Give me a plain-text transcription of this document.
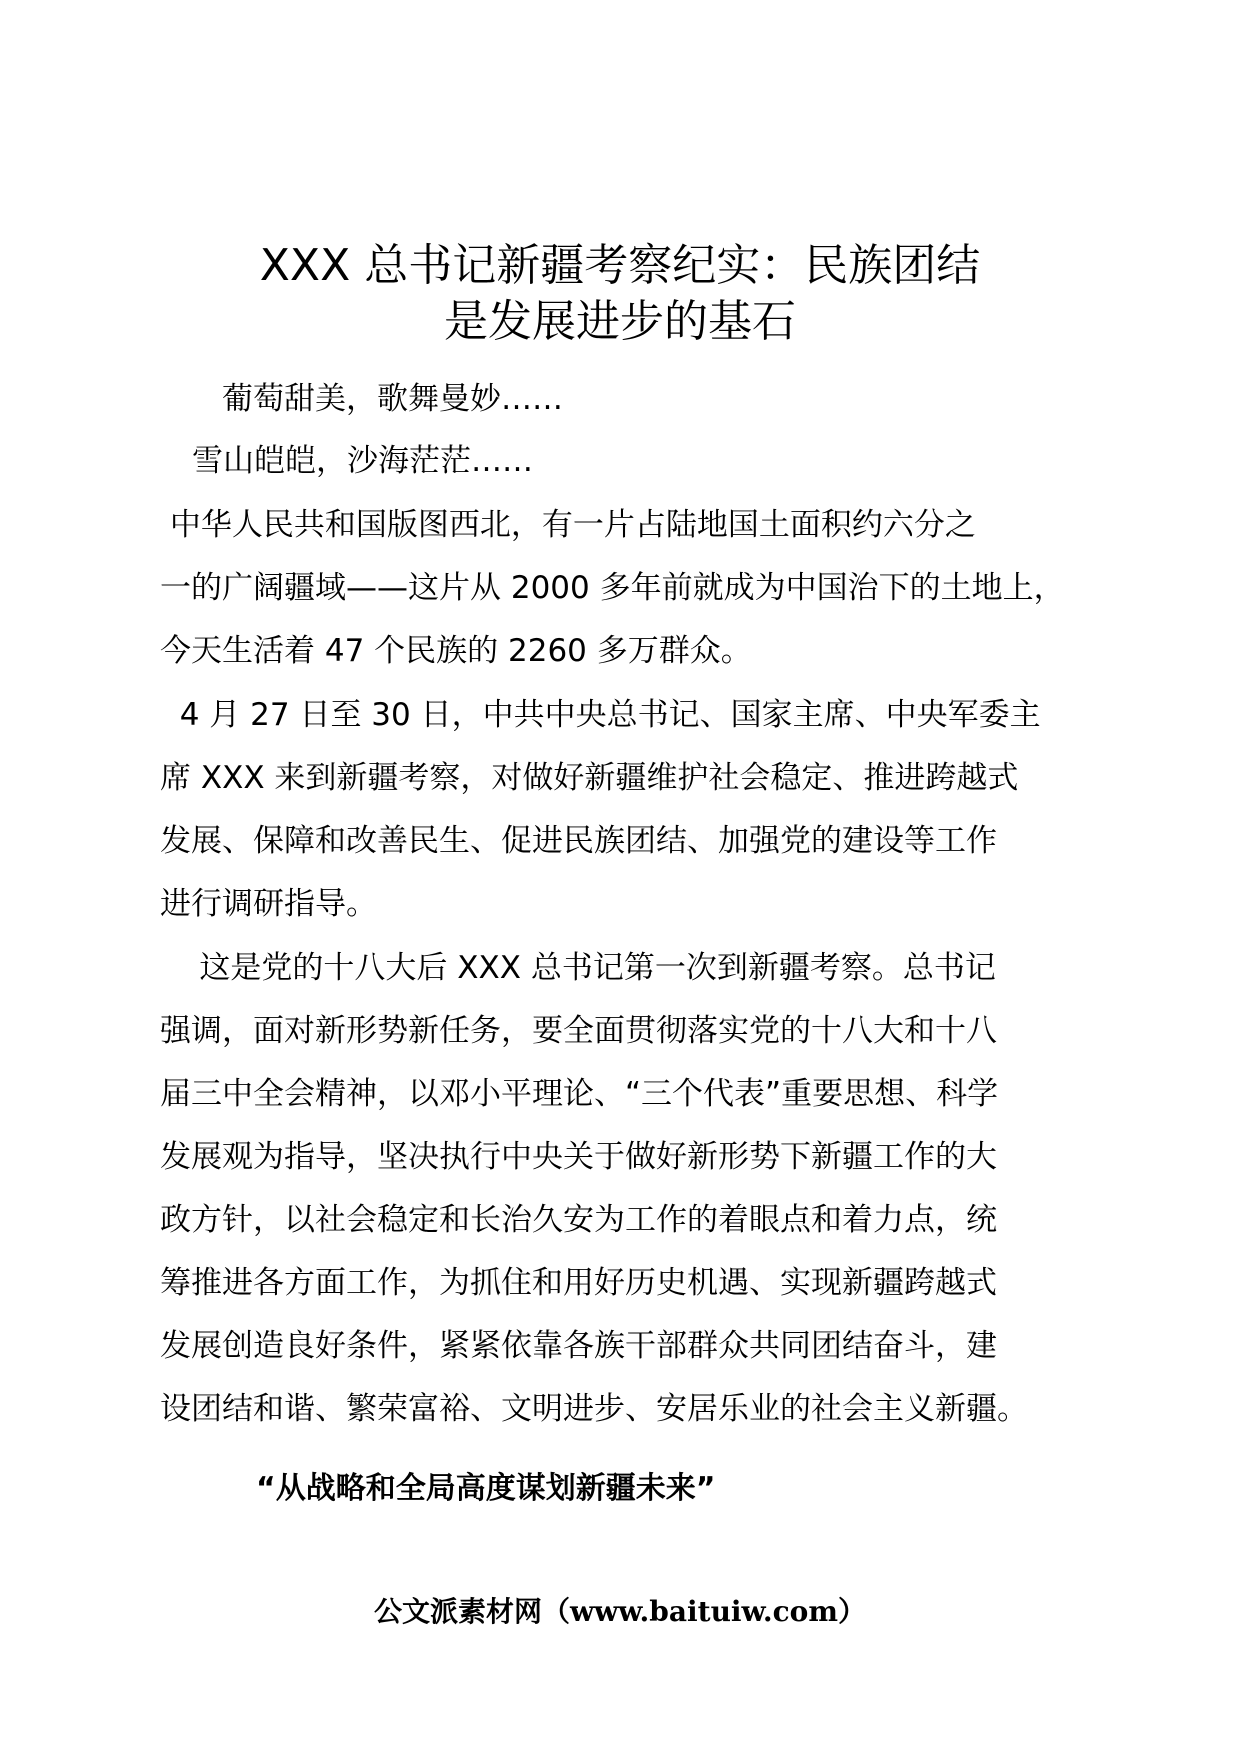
XXX 总书记新疆考察纪实：民族团结
是发展进步的基石
葡萄甜美，歌舞曼妙……
雪山皑皑，沙海茫茫……
中华人民共和国版图西北，有一片占陆地国土面积约六分之
一的广阔疆域——这片从 2000 多年前就成为中国治下的土地上，
今天生活着 47 个民族的 2260 多万群众。
4 月 27 日至 30 日，中共中央总书记、国家主席、中央军委主
席 XXX 来到新疆考察，对做好新疆维护社会稳定、推进跨越式
发展、保障和改善民生、促进民族团结、加强党的建设等工作
进行调研指导。
这是党的十八大后 XXX 总书记第一次到新疆考察。总书记
强调，面对新形势新任务，要全面贯彻落实党的十八大和十八
届三中全会精神，以邓小平理论、“三个代表”重要思想、科学
发展观为指导，坚决执行中央关于做好新形势下新疆工作的大
政方针，以社会稳定和长治久安为工作的着眼点和着力点，统
筹推进各方面工作，为抓住和用好历史机遇、实现新疆跨越式
发展创造良好条件，紧紧依靠各族干部群众共同团结奋斗，建
设团结和谐、繁荣富裕、文明进步、安居乐业的社会主义新疆。
“从战略和全局高度谋划新疆未来”
公文派素材网（www.baituiw.com）
